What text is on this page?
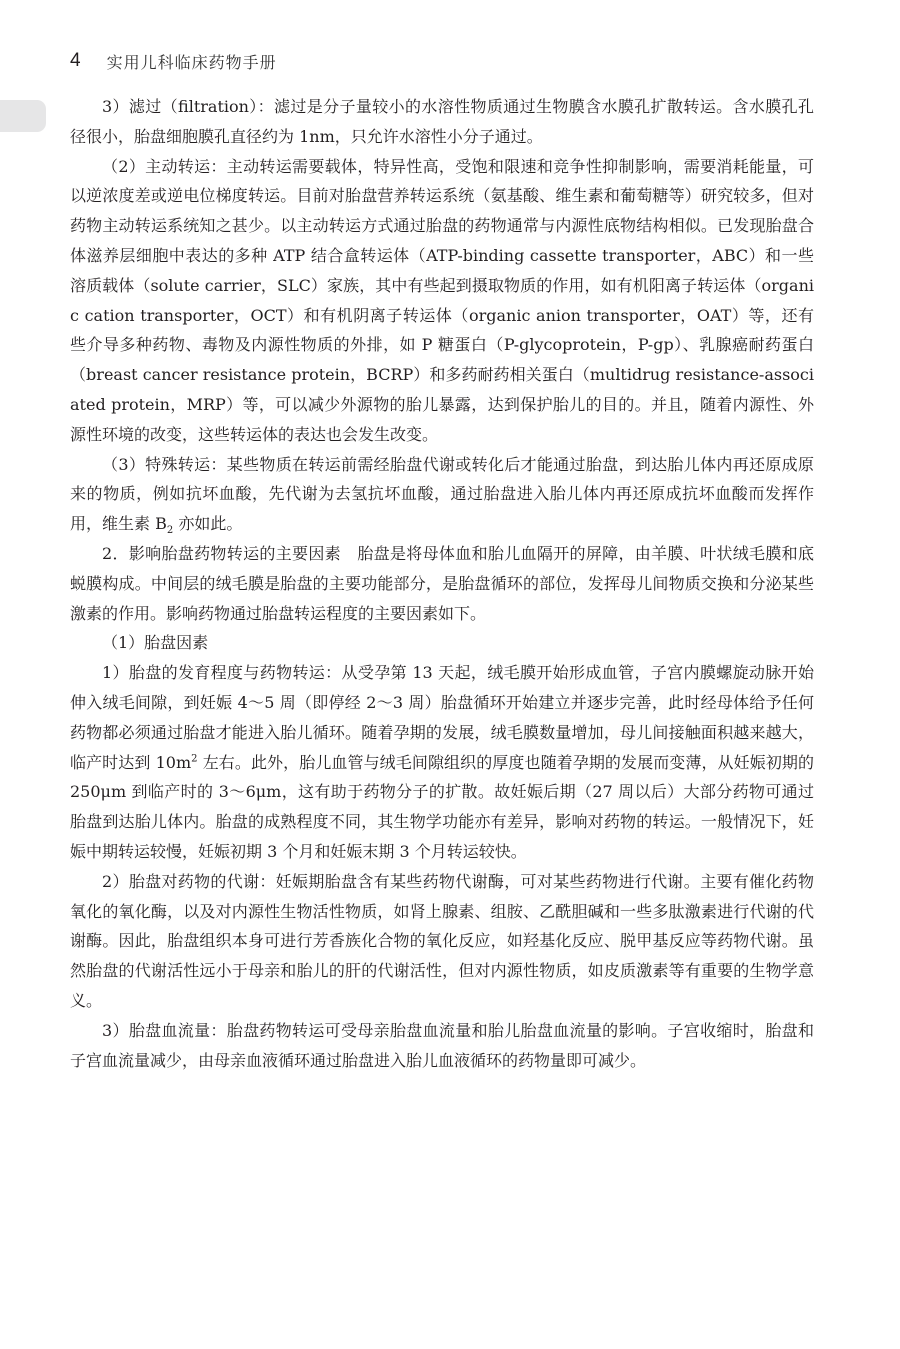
4 实用儿科临床药物手册

3）滤过（filtration）：滤过是分子量较小的水溶性物质通过生物膜含水膜孔扩散转运。含水膜孔孔径很小，胎盘细胞膜孔直径约为 1nm，只允许水溶性小分子通过。

（2）主动转运：主动转运需要载体，特异性高，受饱和限速和竞争性抑制影响，需要消耗能量，可以逆浓度差或逆电位梯度转运。目前对胎盘营养转运系统（氨基酸、维生素和葡萄糖等）研究较多，但对药物主动转运系统知之甚少。以主动转运方式通过胎盘的药物通常与内源性底物结构相似。已发现胎盘合体滋养层细胞中表达的多种 ATP 结合盒转运体（ATP-binding cassette transporter，ABC）和一些溶质载体（solute carrier，SLC）家族，其中有些起到摄取物质的作用，如有机阳离子转运体（organic cation transporter，OCT）和有机阴离子转运体（organic anion transporter，OAT）等，还有些介导多种药物、毒物及内源性物质的外排，如 P 糖蛋白（P-glycoprotein，P-gp）、乳腺癌耐药蛋白（breast cancer resistance protein，BCRP）和多药耐药相关蛋白（multidrug resistance-associated protein，MRP）等，可以减少外源物的胎儿暴露，达到保护胎儿的目的。并且，随着内源性、外源性环境的改变，这些转运体的表达也会发生改变。

（3）特殊转运：某些物质在转运前需经胎盘代谢或转化后才能通过胎盘，到达胎儿体内再还原成原来的物质，例如抗坏血酸，先代谢为去氢抗坏血酸，通过胎盘进入胎儿体内再还原成抗坏血酸而发挥作用，维生素 $B_2$ 亦如此。

2．影响胎盘药物转运的主要因素　胎盘是将母体血和胎儿血隔开的屏障，由羊膜、叶状绒毛膜和底蜕膜构成。中间层的绒毛膜是胎盘的主要功能部分，是胎盘循环的部位，发挥母儿间物质交换和分泌某些激素的作用。影响药物通过胎盘转运程度的主要因素如下。

（1）胎盘因素

1）胎盘的发育程度与药物转运：从受孕第 13 天起，绒毛膜开始形成血管，子宫内膜螺旋动脉开始伸入绒毛间隙，到妊娠 4～5 周（即停经 2～3 周）胎盘循环开始建立并逐步完善，此时经母体给予任何药物都必须通过胎盘才能进入胎儿循环。随着孕期的发展，绒毛膜数量增加，母儿间接触面积越来越大，临产时达到 $10m^2$ 左右。此外，胎儿血管与绒毛间隙组织的厚度也随着孕期的发展而变薄，从妊娠初期的 250μm 到临产时的 3～6μm，这有助于药物分子的扩散。故妊娠后期（27 周以后）大部分药物可通过胎盘到达胎儿体内。胎盘的成熟程度不同，其生物学功能亦有差异，影响对药物的转运。一般情况下，妊娠中期转运较慢，妊娠初期 3 个月和妊娠末期 3 个月转运较快。

2）胎盘对药物的代谢：妊娠期胎盘含有某些药物代谢酶，可对某些药物进行代谢。主要有催化药物氧化的氧化酶，以及对内源性生物活性物质，如肾上腺素、组胺、乙酰胆碱和一些多肽激素进行代谢的代谢酶。因此，胎盘组织本身可进行芳香族化合物的氧化反应，如羟基化反应、脱甲基反应等药物代谢。虽然胎盘的代谢活性远小于母亲和胎儿的肝的代谢活性，但对内源性物质，如皮质激素等有重要的生物学意义。

3）胎盘血流量：胎盘药物转运可受母亲胎盘血流量和胎儿胎盘血流量的影响。子宫收缩时，胎盘和子宫血流量减少，由母亲血液循环通过胎盘进入胎儿血液循环的药物量即可减少。
